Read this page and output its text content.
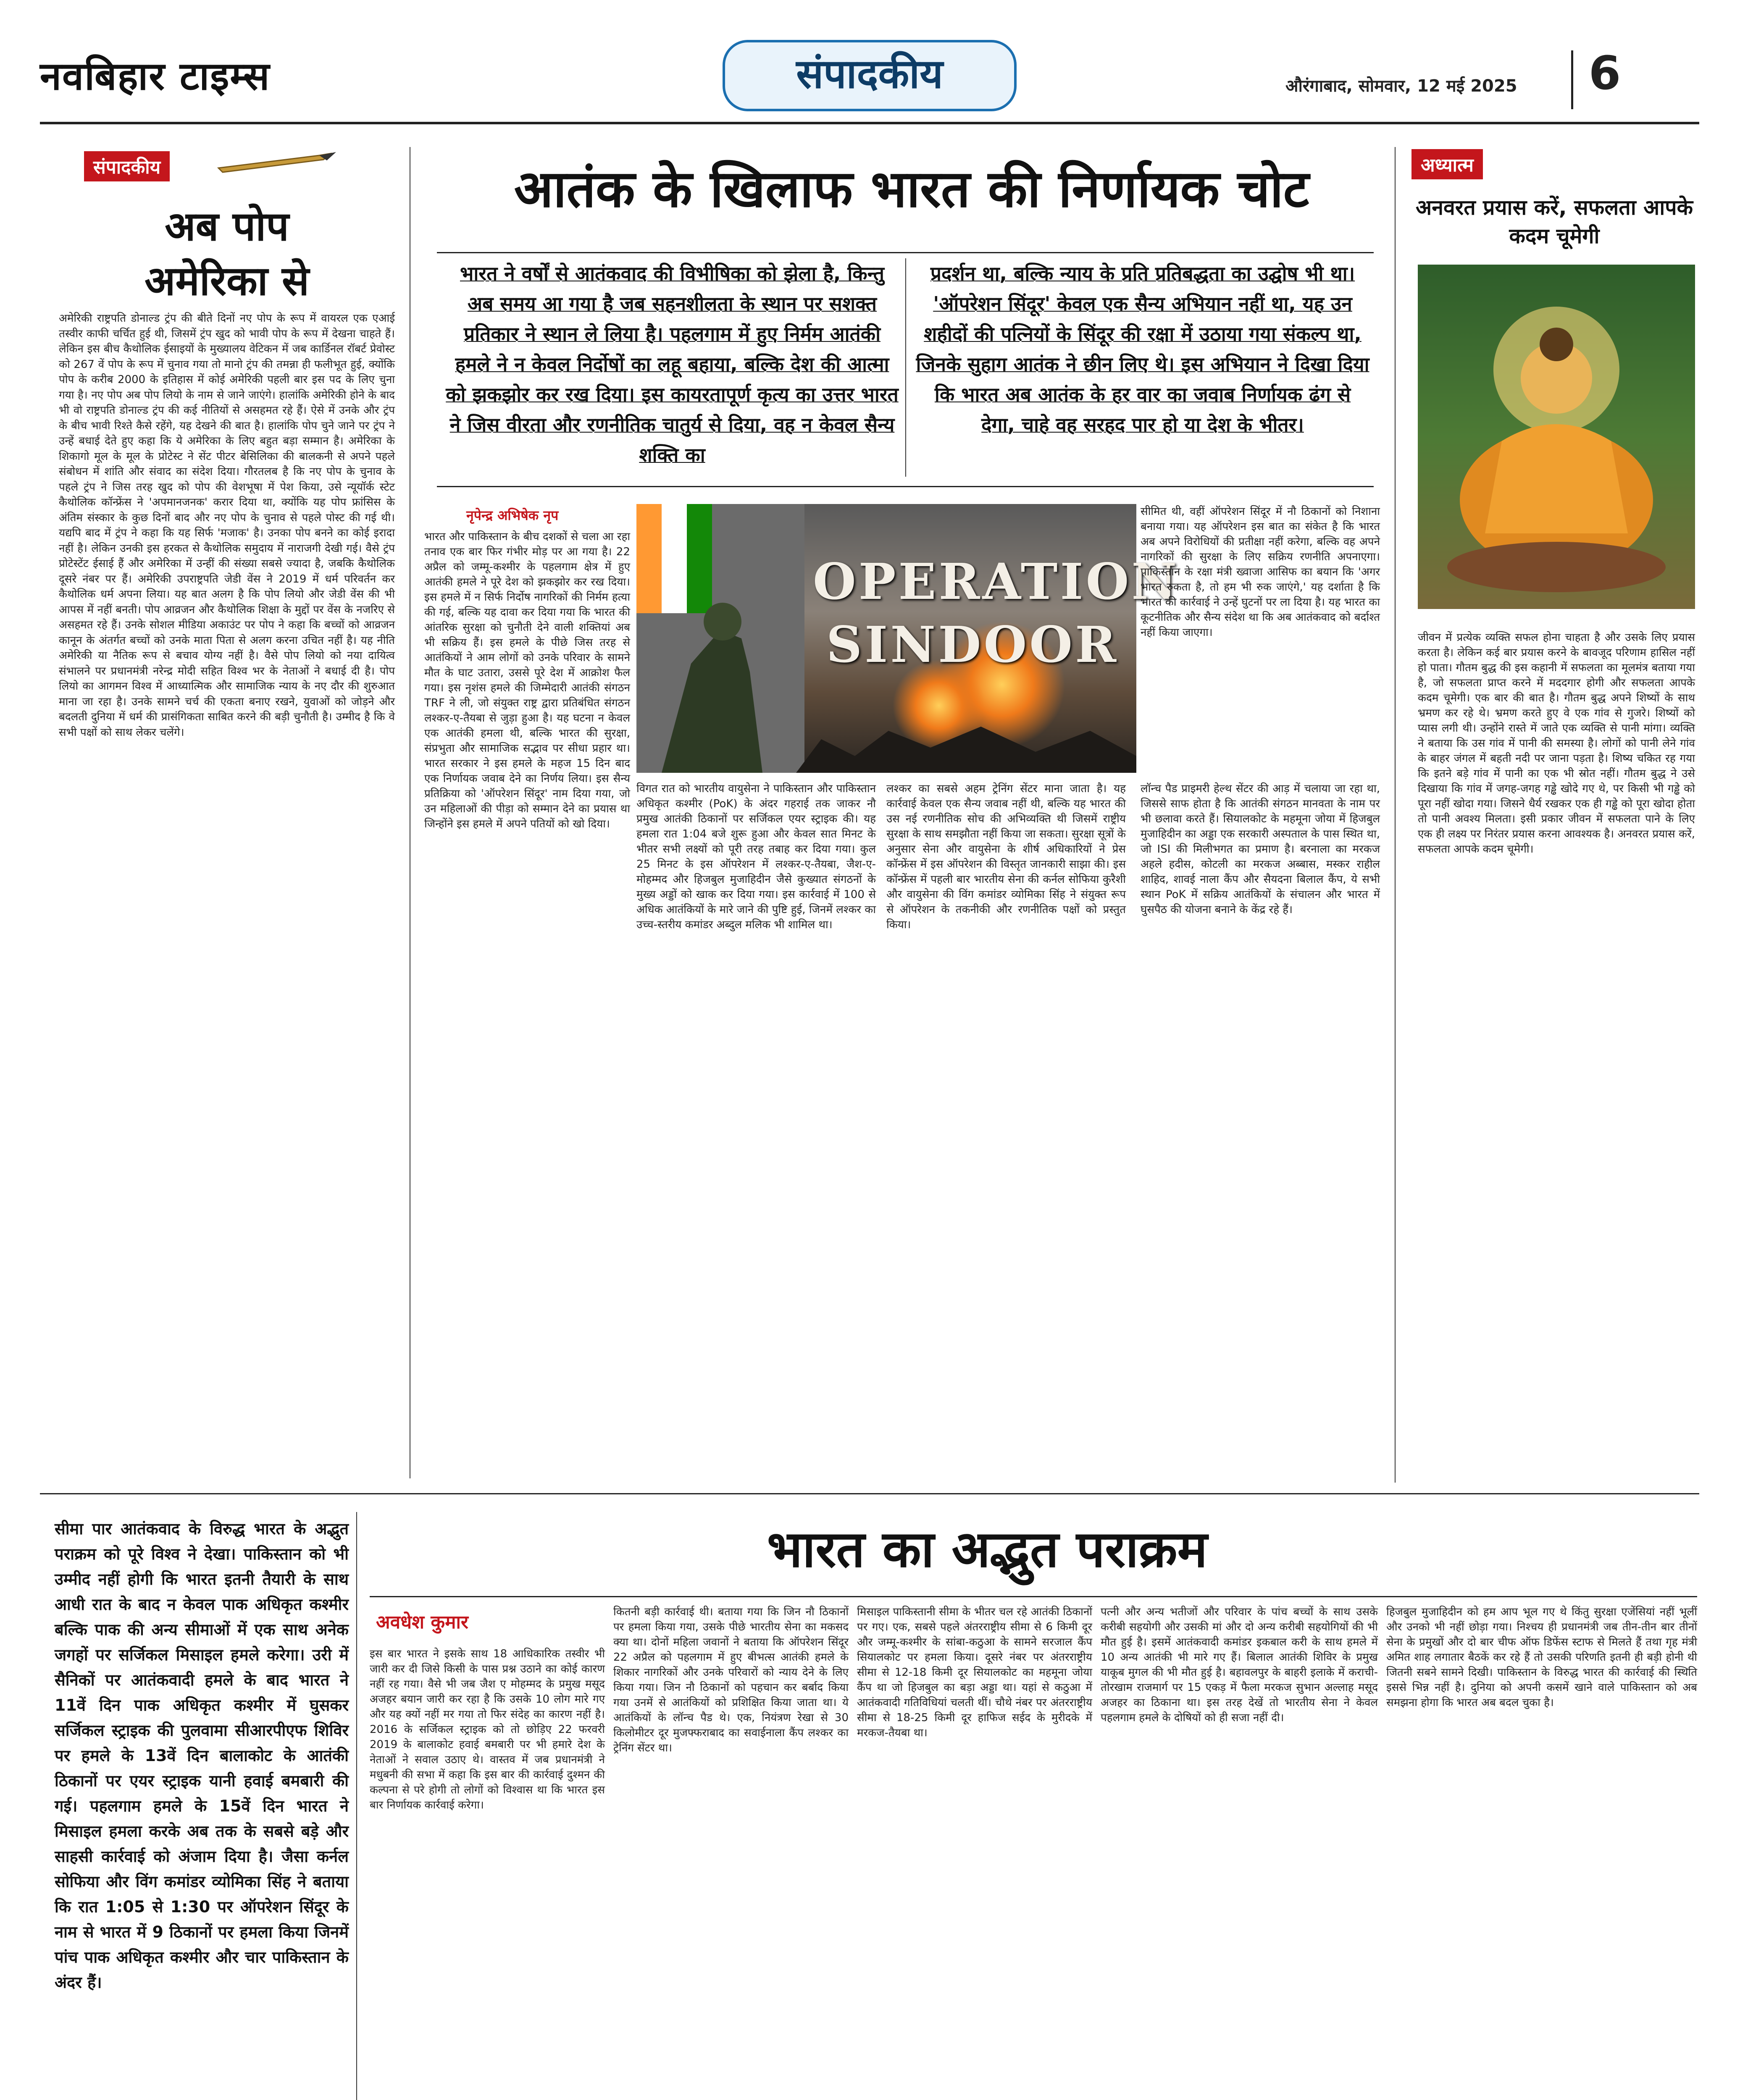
नवबिहार टाइम्स	संपादकीय	औरंगाबाद, सोमवार, 12 मई 2025 6
संपादकीय
अब पोप
अमेरिका से
अमेरिकी राष्ट्रपति डोनाल्ड ट्रंप की बीते दिनों नए पोप के रूप में वायरल एक एआई तस्वीर काफी चर्चित हुई थी, जिसमें ट्रंप खुद को भावी पोप के रूप में देखना चाहते हैं। लेकिन इस बीच कैथोलिक ईसाइयों के मुख्यालय वेटिकन में जब कार्डिनल रॉबर्ट प्रेवोस्ट को 267 वें पोप के रूप में चुनाव गया तो मानो ट्रंप की तमन्ना ही फलीभूत हुई, क्योंकि पोप के करीब 2000 के इतिहास में कोई अमेरिकी पहली बार इस पद के लिए चुना गया है। नए पोप अब पोप लियो के नाम से जाने जाएंगे। हालांकि अमेरिकी होने के बाद भी वो राष्ट्रपति डोनाल्ड ट्रंप की कई नीतियों से असहमत रहे हैं। ऐसे में उनके और ट्रंप के बीच भावी रिश्ते कैसे रहेंगे, यह देखने की बात है। हालांकि पोप चुने जाने पर ट्रंप ने उन्हें बधाई देते हुए कहा कि ये अमेरिका के लिए बहुत बड़ा सम्मान है। अमेरिका के शिकागो मूल के मूल के प्रोटेस्ट ने सेंट पीटर बेसिलिका की बालकनी से अपने पहले संबोधन में शांति और संवाद का संदेश दिया। गौरतलब है कि नए पोप के चुनाव के पहले ट्रंप ने जिस तरह खुद को पोप की वेशभूषा में पेश किया, उसे न्यूयॉर्क स्टेट कैथोलिक कॉन्फ्रेंस ने 'अपमानजनक' करार दिया था, क्योंकि यह पोप फ्रांसिस के अंतिम संस्कार के कुछ दिनों बाद और नए पोप के चुनाव से पहले पोस्ट की गई थी। यद्यपि बाद में ट्रंप ने कहा कि यह सिर्फ 'मजाक' है। उनका पोप बनने का कोई इरादा नहीं है। लेकिन उनकी इस हरकत से कैथोलिक समुदाय में नाराजगी देखी गई। वैसे ट्रंप प्रोटेस्टेंट ईसाई हैं और अमेरिका में उन्हीं की संख्या सबसे ज्यादा है, जबकि कैथोलिक दूसरे नंबर पर हैं। अमेरिकी उपराष्ट्रपति जेडी वेंस ने 2019 में धर्म परिवर्तन कर कैथोलिक धर्म अपना लिया। यह बात अलग है कि पोप लियो और जेडी वेंस की भी आपस में नहीं बनती। पोप आव्रजन और कैथोलिक शिक्षा के मुद्दों पर वेंस के नजरिए से असहमत रहे हैं। उनके सोशल मीडिया अकाउंट पर पोप ने कहा कि बच्चों को आव्रजन कानून के अंतर्गत बच्चों को उनके माता पिता से अलग करना उचित नहीं है। यह नीति अमेरिकी या नैतिक रूप से बचाव योग्य नहीं है। वैसे पोप लियो को नया दायित्व संभालने पर प्रधानमंत्री नरेन्द्र मोदी सहित विश्व भर के नेताओं ने बधाई दी है। पोप लियो का आगमन विश्व में आध्यात्मिक और सामाजिक न्याय के नए दौर की शुरुआत माना जा रहा है। उनके सामने चर्च की एकता बनाए रखने, युवाओं को जोड़ने और बदलती दुनिया में धर्म की प्रासंगिकता साबित करने की बड़ी चुनौती है। उम्मीद है कि वे सभी पक्षों को साथ लेकर चलेंगे।
आतंक के खिलाफ भारत की निर्णायक चोट
भारत ने वर्षों से आतंकवाद की विभीषिका को झेला है, किन्तु अब समय आ गया है जब सहनशीलता के स्थान पर सशक्त प्रतिकार ने स्थान ले लिया है। पहलगाम में हुए निर्मम आतंकी हमले ने न केवल निर्दोषों का लहू बहाया, बल्कि देश की आत्मा को झकझोर कर रख दिया। इस कायरतापूर्ण कृत्य का उत्तर भारत ने जिस वीरता और रणनीतिक चातुर्य से दिया, वह न केवल सैन्य शक्ति का
प्रदर्शन था, बल्कि न्याय के प्रति प्रतिबद्धता का उद्घोष भी था। 'ऑपरेशन सिंदूर' केवल एक सैन्य अभियान नहीं था, यह उन शहीदों की पत्नियों के सिंदूर की रक्षा में उठाया गया संकल्प था, जिनके सुहाग आतंक ने छीन लिए थे। इस अभियान ने दिखा दिया कि भारत अब आतंक के हर वार का जवाब निर्णायक ढंग से देगा, चाहे वह सरहद पार हो या देश के भीतर।
नृपेन्द्र अभिषेक नृप
भारत और पाकिस्तान के बीच दशकों से चला आ रहा तनाव एक बार फिर गंभीर मोड़ पर आ गया है। 22 अप्रैल को जम्मू-कश्मीर के पहलगाम क्षेत्र में हुए आतंकी हमले ने पूरे देश को झकझोर कर रख दिया। इस हमले में न सिर्फ निर्दोष नागरिकों की निर्मम हत्या की गई, बल्कि यह दावा कर दिया गया कि भारत की आंतरिक सुरक्षा को चुनौती देने वाली शक्तियां अब भी सक्रिय हैं। इस हमले के पीछे जिस तरह से आतंकियों ने आम लोगों को उनके परिवार के सामने मौत के घाट उतारा, उससे पूरे देश में आक्रोश फैल गया। इस नृशंस हमले की जिम्मेदारी आतंकी संगठन TRF ने ली, जो संयुक्त राष्ट्र द्वारा प्रतिबंधित संगठन लश्कर-ए-तैयबा से जुड़ा हुआ है। यह घटना न केवल एक आतंकी हमला थी, बल्कि भारत की सुरक्षा, संप्रभुता और सामाजिक सद्भाव पर सीधा प्रहार था। भारत सरकार ने इस हमले के महज 15 दिन बाद एक निर्णायक जवाब देने का निर्णय लिया। इस सैन्य प्रतिक्रिया को 'ऑपरेशन सिंदूर' नाम दिया गया, जो उन महिलाओं की पीड़ा को सम्मान देने का प्रयास था जिन्होंने इस हमले में अपने पतियों को खो दिया।
OPERATION SINDOOR
विगत रात को भारतीय वायुसेना ने पाकिस्तान और पाकिस्तान अधिकृत कश्मीर (PoK) के अंदर गहराई तक जाकर नौ प्रमुख आतंकी ठिकानों पर सर्जिकल एयर स्ट्राइक की। यह हमला रात 1:04 बजे शुरू हुआ और केवल सात मिनट के भीतर सभी लक्ष्यों को पूरी तरह तबाह कर दिया गया। कुल 25 मिनट के इस ऑपरेशन में लश्कर-ए-तैयबा, जैश-ए-मोहम्मद और हिजबुल मुजाहिदीन जैसे कुख्यात संगठनों के मुख्य अड्डों को खाक कर दिया गया। इस कार्रवाई में 100 से अधिक आतंकियों के मारे जाने की पुष्टि हुई, जिनमें लश्कर का उच्च-स्तरीय कमांडर अब्दुल मलिक भी शामिल था।
लश्कर का सबसे अहम ट्रेनिंग सेंटर माना जाता है। यह कार्रवाई केवल एक सैन्य जवाब नहीं थी, बल्कि यह भारत की उस नई रणनीतिक सोच की अभिव्यक्ति थी जिसमें राष्ट्रीय सुरक्षा के साथ समझौता नहीं किया जा सकता। सुरक्षा सूत्रों के अनुसार सेना और वायुसेना के शीर्ष अधिकारियों ने प्रेस कॉन्फ्रेंस में इस ऑपरेशन की विस्तृत जानकारी साझा की। इस कॉन्फ्रेंस में पहली बार भारतीय सेना की कर्नल सोफिया कुरैशी और वायुसेना की विंग कमांडर व्योमिका सिंह ने संयुक्त रूप से ऑपरेशन के तकनीकी और रणनीतिक पक्षों को प्रस्तुत किया।
लॉन्च पैड प्राइमरी हेल्थ सेंटर की आड़ में चलाया जा रहा था, जिससे साफ होता है कि आतंकी संगठन मानवता के नाम पर भी छलावा करते हैं। सियालकोट के महमूना जोया में हिजबुल मुजाहिदीन का अड्डा एक सरकारी अस्पताल के पास स्थित था, जो ISI की मिलीभगत का प्रमाण है। बरनाला का मरकज अहले हदीस, कोटली का मरकज अब्बास, मस्कर राहील शाहिद, शावई नाला कैंप और सैयदना बिलाल कैंप, ये सभी स्थान PoK में सक्रिय आतंकियों के संचालन और भारत में घुसपैठ की योजना बनाने के केंद्र रहे हैं।
सीमित थी, वहीं ऑपरेशन सिंदूर में नौ ठिकानों को निशाना बनाया गया। यह ऑपरेशन इस बात का संकेत है कि भारत अब अपने विरोधियों की प्रतीक्षा नहीं करेगा, बल्कि वह अपने नागरिकों की सुरक्षा के लिए सक्रिय रणनीति अपनाएगा। पाकिस्तान के रक्षा मंत्री ख्वाजा आसिफ का बयान कि 'अगर भारत रुकता है, तो हम भी रुक जाएंगे,' यह दर्शाता है कि भारत की कार्रवाई ने उन्हें घुटनों पर ला दिया है। यह भारत का कूटनीतिक और सैन्य संदेश था कि अब आतंकवाद को बर्दाश्त नहीं किया जाएगा।
अध्यात्म
अनवरत प्रयास करें, सफलता आपके कदम चूमेगी
जीवन में प्रत्येक व्यक्ति सफल होना चाहता है और उसके लिए प्रयास करता है। लेकिन कई बार प्रयास करने के बावजूद परिणाम हासिल नहीं हो पाता। गौतम बुद्ध की इस कहानी में सफलता का मूलमंत्र बताया गया है, जो सफलता प्राप्त करने में मददगार होगी और सफलता आपके कदम चूमेगी। एक बार की बात है। गौतम बुद्ध अपने शिष्यों के साथ भ्रमण कर रहे थे। भ्रमण करते हुए वे एक गांव से गुजरे। शिष्यों को प्यास लगी थी। उन्होंने रास्ते में जाते एक व्यक्ति से पानी मांगा। व्यक्ति ने बताया कि उस गांव में पानी की समस्या है। लोगों को पानी लेने गांव के बाहर जंगल में बहती नदी पर जाना पड़ता है। शिष्य चकित रह गया कि इतने बड़े गांव में पानी का एक भी स्रोत नहीं। गौतम बुद्ध ने उसे दिखाया कि गांव में जगह-जगह गड्ढे खोदे गए थे, पर किसी भी गड्ढे को पूरा नहीं खोदा गया। जिसने धैर्य रखकर एक ही गड्ढे को पूरा खोदा होता तो पानी अवश्य मिलता। इसी प्रकार जीवन में सफलता पाने के लिए एक ही लक्ष्य पर निरंतर प्रयास करना आवश्यक है। अनवरत प्रयास करें, सफलता आपके कदम चूमेगी।
सीमा पार आतंकवाद के विरुद्ध भारत के अद्भुत पराक्रम को पूरे विश्व ने देखा। पाकिस्तान को भी उम्मीद नहीं होगी कि भारत इतनी तैयारी के साथ आधी रात के बाद न केवल पाक अधिकृत कश्मीर बल्कि पाक की अन्य सीमाओं में एक साथ अनेक जगहों पर सर्जिकल मिसाइल हमले करेगा। उरी में सैनिकों पर आतंकवादी हमले के बाद भारत ने 11वें दिन पाक अधिकृत कश्मीर में घुसकर सर्जिकल स्ट्राइक की पुलवामा सीआरपीएफ शिविर पर हमले के 13वें दिन बालाकोट के आतंकी ठिकानों पर एयर स्ट्राइक यानी हवाई बमबारी की गई। पहलगाम हमले के 15वें दिन भारत ने मिसाइल हमला करके अब तक के सबसे बड़े और साहसी कार्रवाई को अंजाम दिया है। जैसा कर्नल सोफिया और विंग कमांडर व्योमिका सिंह ने बताया कि रात 1:05 से 1:30 पर ऑपरेशन सिंदूर के नाम से भारत में 9 ठिकानों पर हमला किया जिनमें पांच पाक अधिकृत कश्मीर और चार पाकिस्तान के अंदर हैं।
भारत का अद्भुत पराक्रम
अवधेश कुमार
इस बार भारत ने इसके साथ 18 आधिकारिक तस्वीर भी जारी कर दी जिसे किसी के पास प्रश्न उठाने का कोई कारण नहीं रह गया। वैसे भी जब जैश ए मोहम्मद के प्रमुख मसूद अजहर बयान जारी कर रहा है कि उसके 10 लोग मारे गए और यह क्यों नहीं मर गया तो फिर संदेह का कारण नहीं है। 2016 के सर्जिकल स्ट्राइक को तो छोड़िए 22 फरवरी 2019 के बालाकोट हवाई बमबारी पर भी हमारे देश के नेताओं ने सवाल उठाए थे। वास्तव में जब प्रधानमंत्री ने मधुबनी की सभा में कहा कि इस बार की कार्रवाई दुश्मन की कल्पना से परे होगी तो लोगों को विश्वास था कि भारत इस बार निर्णायक कार्रवाई करेगा।
कितनी बड़ी कार्रवाई थी। बताया गया कि जिन नौ ठिकानों पर हमला किया गया, उसके पीछे भारतीय सेना का मकसद क्या था। दोनों महिला जवानों ने बताया कि ऑपरेशन सिंदूर 22 अप्रैल को पहलगाम में हुए बीभत्स आतंकी हमले के शिकार नागरिकों और उनके परिवारों को न्याय देने के लिए किया गया। जिन नौ ठिकानों को पहचान कर बर्बाद किया गया उनमें से आतंकियों को प्रशिक्षित किया जाता था। ये आतंकियों के लॉन्च पैड थे। एक, नियंत्रण रेखा से 30 किलोमीटर दूर मुजफ्फराबाद का सवाईनाला कैंप लश्कर का ट्रेनिंग सेंटर था।
मिसाइल पाकिस्तानी सीमा के भीतर चल रहे आतंकी ठिकानों पर गए। एक, सबसे पहले अंतरराष्ट्रीय सीमा से 6 किमी दूर और जम्मू-कश्मीर के सांबा-कठुआ के सामने सरजाल कैंप सियालकोट पर हमला किया। दूसरे नंबर पर अंतरराष्ट्रीय सीमा से 12-18 किमी दूर सियालकोट का महमूना जोया कैंप था जो हिजबुल का बड़ा अड्डा था। यहां से कठुआ में आतंकवादी गतिविधियां चलती थीं। चौथे नंबर पर अंतरराष्ट्रीय सीमा से 18-25 किमी दूर हाफिज सईद के मुरीदके में मरकज-तैयबा था।
पत्नी और अन्य भतीजों और परिवार के पांच बच्चों के साथ उसके करीबी सहयोगी और उसकी मां और दो अन्य करीबी सहयोगियों की भी मौत हुई है। इसमें आतंकवादी कमांडर इकबाल करी के साथ हमले में 10 अन्य आतंकी भी मारे गए हैं। बिलाल आतंकी शिविर के प्रमुख याकूब मुगल की भी मौत हुई है। बहावलपुर के बाहरी इलाके में कराची-तोरखाम राजमार्ग पर 15 एकड़ में फैला मरकज सुभान अल्लाह मसूद अजहर का ठिकाना था। इस तरह देखें तो भारतीय सेना ने केवल पहलगाम हमले के दोषियों को ही सजा नहीं दी।
हिजबुल मुजाहिदीन को हम आप भूल गए थे किंतु सुरक्षा एजेंसियां नहीं भूलीं और उनको भी नहीं छोड़ा गया। निश्चय ही प्रधानमंत्री जब तीन-तीन बार तीनों सेना के प्रमुखों और दो बार चीफ ऑफ डिफेंस स्टाफ से मिलते हैं तथा गृह मंत्री अमित शाह लगातार बैठकें कर रहे हैं तो उसकी परिणति इतनी ही बड़ी होनी थी जितनी सबने सामने दिखी। पाकिस्तान के विरुद्ध भारत की कार्रवाई की स्थिति इससे भिन्न नहीं है। दुनिया को अपनी कसमें खाने वाले पाकिस्तान को अब समझना होगा कि भारत अब बदल चुका है।
